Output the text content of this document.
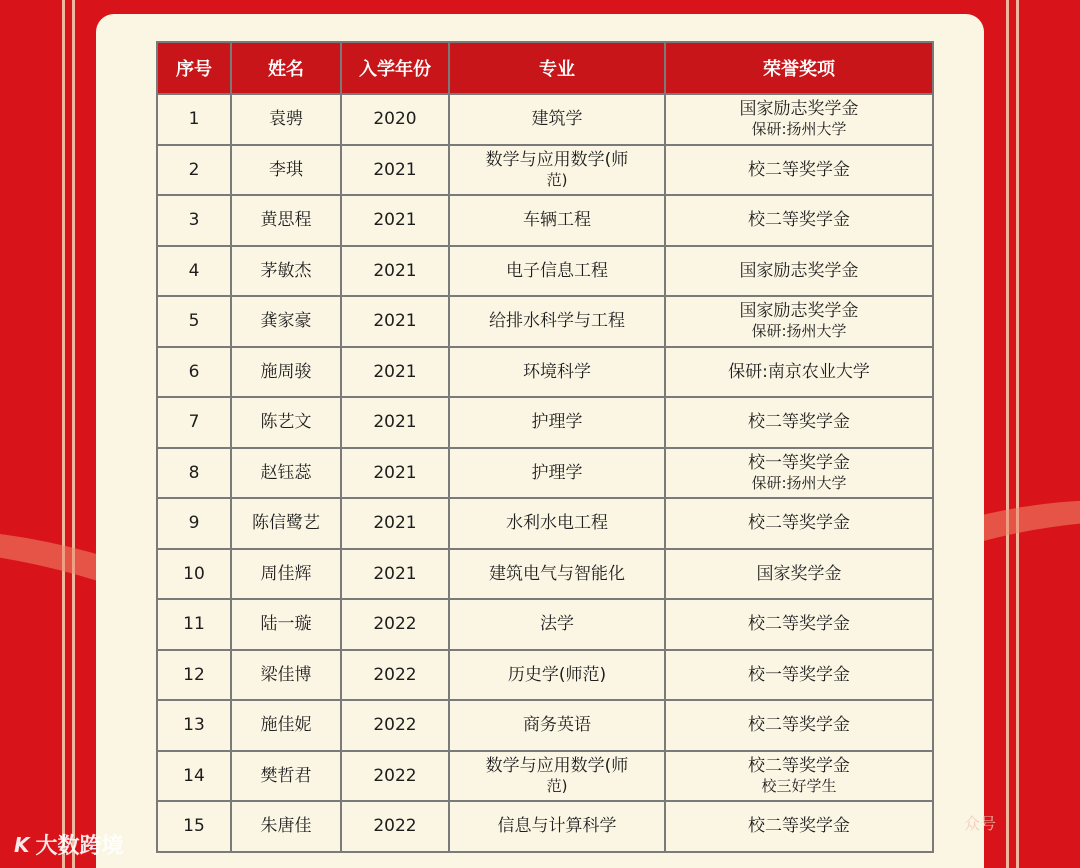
序号	姓名	入学年份	专业	荣誉奖项
1	袁骋	2020	建筑学	国家励志奖学金
保研:扬州大学

2	李琪	2021	数学与应用数学(师
范)	校二等奖学金

3	黄思程	2021	车辆工程	校二等奖学金

4	茅敏杰	2021	电子信息工程	国家励志奖学金

5	龚家豪	2021	给排水科学与工程	国家励志奖学金
保研:扬州大学

6	施周骏	2021	环境科学	保研:南京农业大学

7	陈艺文	2021	护理学	校二等奖学金

8	赵钰蕊	2021	护理学	校一等奖学金
保研:扬州大学

9	陈信鹭艺	2021	水利水电工程	校二等奖学金

10	周佳辉	2021	建筑电气与智能化	国家奖学金

11	陆一璇	2022	法学	校二等奖学金

12	梁佳博	2022	历史学(师范)	校一等奖学金

13	施佳妮	2022	商务英语	校二等奖学金

14	樊哲君	2022	数学与应用数学(师
范)	校二等奖学金
校三好学生

15	朱唐佳	2022	信息与计算科学	校二等奖学金
K 大数跨境
众号
